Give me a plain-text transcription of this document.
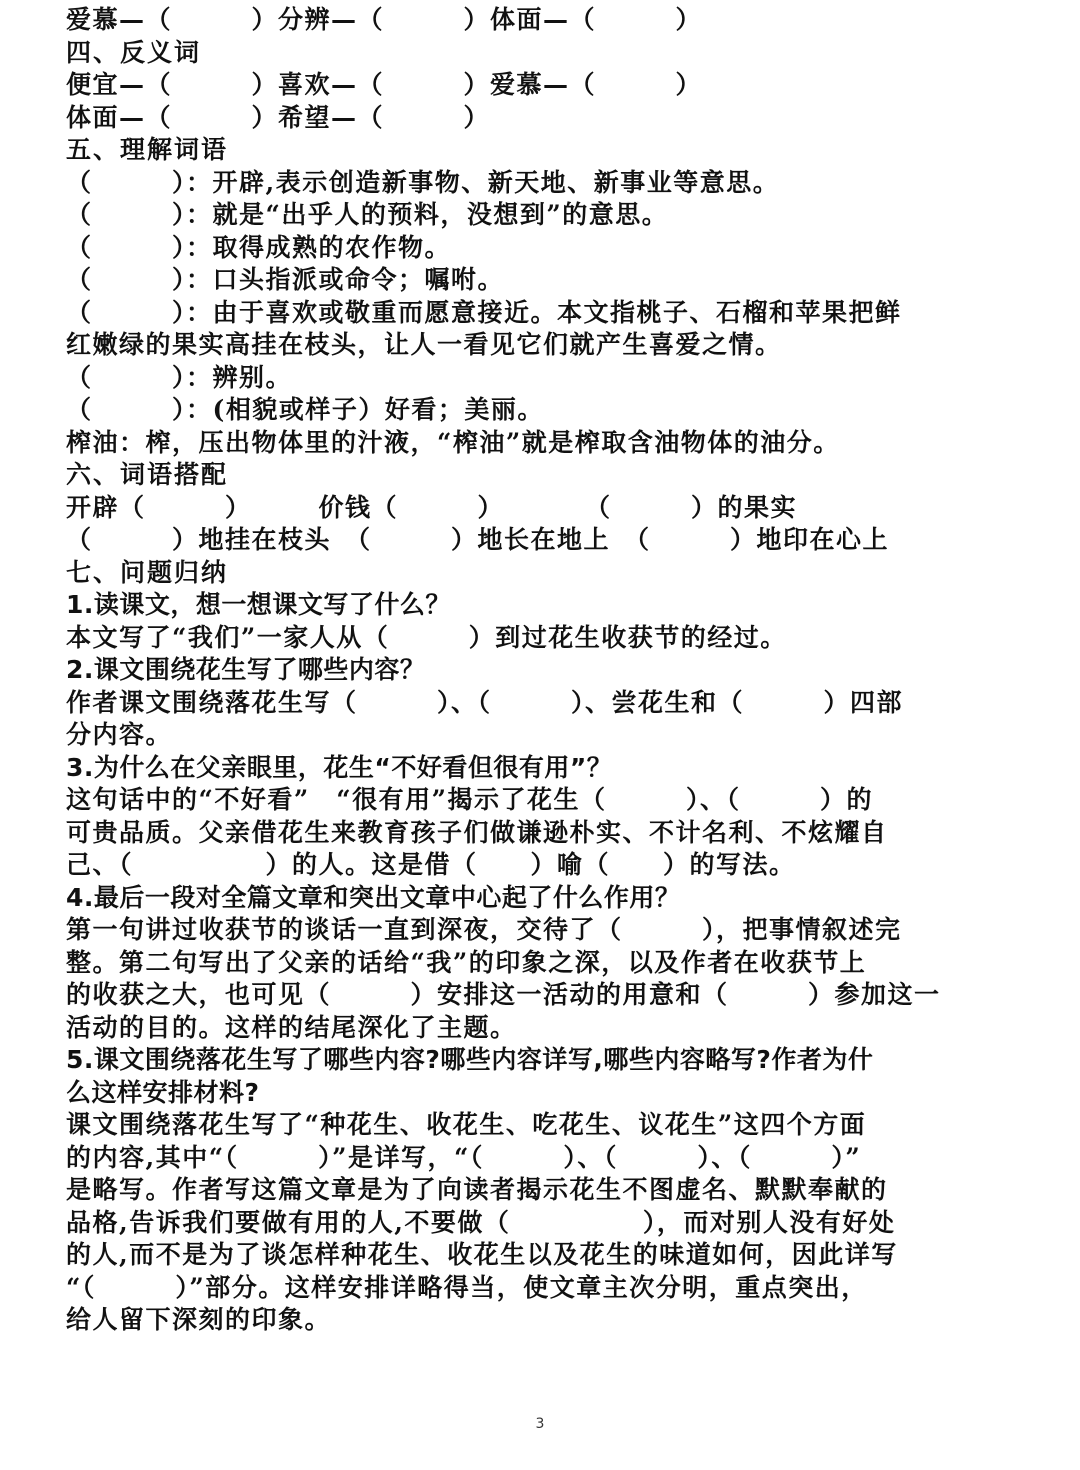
爱慕—（　　　）分辨—（　　　）体面—（　　　）
四、反义词
便宜—（　　　）喜欢—（　　　）爱慕—（　　　）
体面—（　　　）希望—（　　　）
五、理解词语
（　　　）：开辟,表示创造新事物、新天地、新事业等意思。
（　　　）：就是“出乎人的预料，没想到”的意思。
（　　　）：取得成熟的农作物。
（　　　）：口头指派或命令；嘱咐。
（　　　）：由于喜欢或敬重而愿意接近。本文指桃子、石榴和苹果把鲜
红嫩绿的果实高挂在枝头，让人一看见它们就产生喜爱之情。
（　　　）：辨别。
（　　　）：(相貌或样子）好看；美丽。
榨油：榨，压出物体里的汁液，“榨油”就是榨取含油物体的油分。
六、词语搭配
开辟（　　　）　　　价钱（　　　）　　　　（　　　）的果实
（　　　）地挂在枝头　（　　　）地长在地上　（　　　）地印在心上
七、问题归纳
1.读课文，想一想课文写了什么？
本文写了“我们”一家人从（　　　）到过花生收获节的经过。
2.课文围绕花生写了哪些内容？
作者课文围绕落花生写（　　　）、（　　　）、尝花生和（　　　）四部
分内容。
3.为什么在父亲眼里，花生“不好看但很有用”？
这句话中的“不好看”　“很有用”揭示了花生（　　　）、（　　　）的
可贵品质。父亲借花生来教育孩子们做谦逊朴实、不计名利、不炫耀自
己、（　　　　　）的人。这是借（　　）喻（　　）的写法。
4.最后一段对全篇文章和突出文章中心起了什么作用？
第一句讲过收获节的谈话一直到深夜，交待了（　　　），把事情叙述完
整。第二句写出了父亲的话给“我”的印象之深，以及作者在收获节上
的收获之大，也可见（　　　）安排这一活动的用意和（　　　）参加这一
活动的目的。这样的结尾深化了主题。
5.课文围绕落花生写了哪些内容?哪些内容详写,哪些内容略写?作者为什
么这样安排材料?
课文围绕落花生写了“种花生、收花生、吃花生、议花生”这四个方面
的内容,其中“（　　　）”是详写，“（　　　）、（　　　）、（　　　）”
是略写。作者写这篇文章是为了向读者揭示花生不图虚名、默默奉献的
品格,告诉我们要做有用的人,不要做（　　　　　），而对别人没有好处
的人,而不是为了谈怎样种花生、收花生以及花生的味道如何，因此详写
“（　　　）”部分。这样安排详略得当，使文章主次分明，重点突出，
给人留下深刻的印象。
3
